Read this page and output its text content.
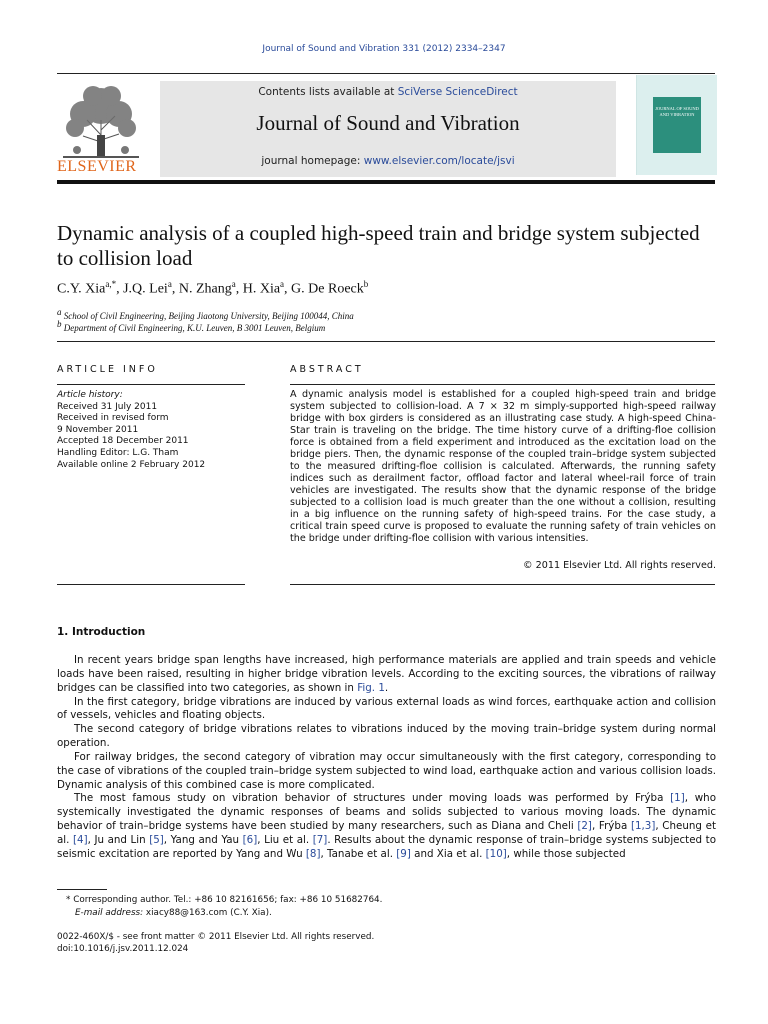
Journal of Sound and Vibration 331 (2012) 2334–2347
ELSEVIER
Contents lists available at SciVerse ScienceDirect
Journal of Sound and Vibration
journal homepage: www.elsevier.com/locate/jsvi
JOURNAL OF SOUND AND VIBRATION
Dynamic analysis of a coupled high-speed train and bridge system subjected to collision load
C.Y. Xia$^{a,*}$, J.Q. Lei$^a$, N. Zhang$^a$, H. Xia$^a$, G. De Roeck$^b$
$^a$ School of Civil Engineering, Beijing Jiaotong University, Beijing 100044, China
$^b$ Department of Civil Engineering, K.U. Leuven, B 3001 Leuven, Belgium
ARTICLE INFO
Article history:
Received 31 July 2011
Received in revised form
9 November 2011
Accepted 18 December 2011
Handling Editor: L.G. Tham
Available online 2 February 2012
ABSTRACT
A dynamic analysis model is established for a coupled high-speed train and bridge system subjected to collision-load. A 7 × 32 m simply-supported high-speed railway bridge with box girders is considered as an illustrating case study. A high-speed China-Star train is traveling on the bridge. The time history curve of a drifting-floe collision force is obtained from a field experiment and introduced as the excitation load on the bridge piers. Then, the dynamic response of the coupled train–bridge system subjected to the measured drifting-floe collision is calculated. Afterwards, the running safety indices such as derailment factor, offload factor and lateral wheel-rail force of train vehicles are investigated. The results show that the dynamic response of the bridge subjected to a collision load is much greater than the one without a collision, resulting in a big influence on the running safety of high-speed trains. For the case study, a critical train speed curve is proposed to evaluate the running safety of train vehicles on the bridge under drifting-floe collision with various intensities.
© 2011 Elsevier Ltd. All rights reserved.
1. Introduction

In recent years bridge span lengths have increased, high performance materials are applied and train speeds and vehicle loads have been raised, resulting in higher bridge vibration levels. According to the exciting sources, the vibrations of railway bridges can be classified into two categories, as shown in Fig. 1.

In the first category, bridge vibrations are induced by various external loads as wind forces, earthquake action and collision of vessels, vehicles and floating objects.

The second category of bridge vibrations relates to vibrations induced by the moving train–bridge system during normal operation.

For railway bridges, the second category of vibration may occur simultaneously with the first category, corresponding to the case of vibrations of the coupled train–bridge system subjected to wind load, earthquake action and various collision loads. Dynamic analysis of this combined case is more complicated.

The most famous study on vibration behavior of structures under moving loads was performed by Frýba [1], who systemically investigated the dynamic responses of beams and solids subjected to various moving loads. The dynamic behavior of train–bridge systems have been studied by many researchers, such as Diana and Cheli [2], Frýba [1,3], Cheung et al. [4], Ju and Lin [5], Yang and Yau [6], Liu et al. [7]. Results about the dynamic response of train–bridge systems subjected to seismic excitation are reported by Yang and Wu [8], Tanabe et al. [9] and Xia et al. [10], while those subjected

* Corresponding author. Tel.: +86 10 82161656; fax: +86 10 51682764.
E-mail address: xiacy88@163.com (C.Y. Xia).
0022-460X/$ - see front matter © 2011 Elsevier Ltd. All rights reserved.
doi:10.1016/j.jsv.2011.12.024
